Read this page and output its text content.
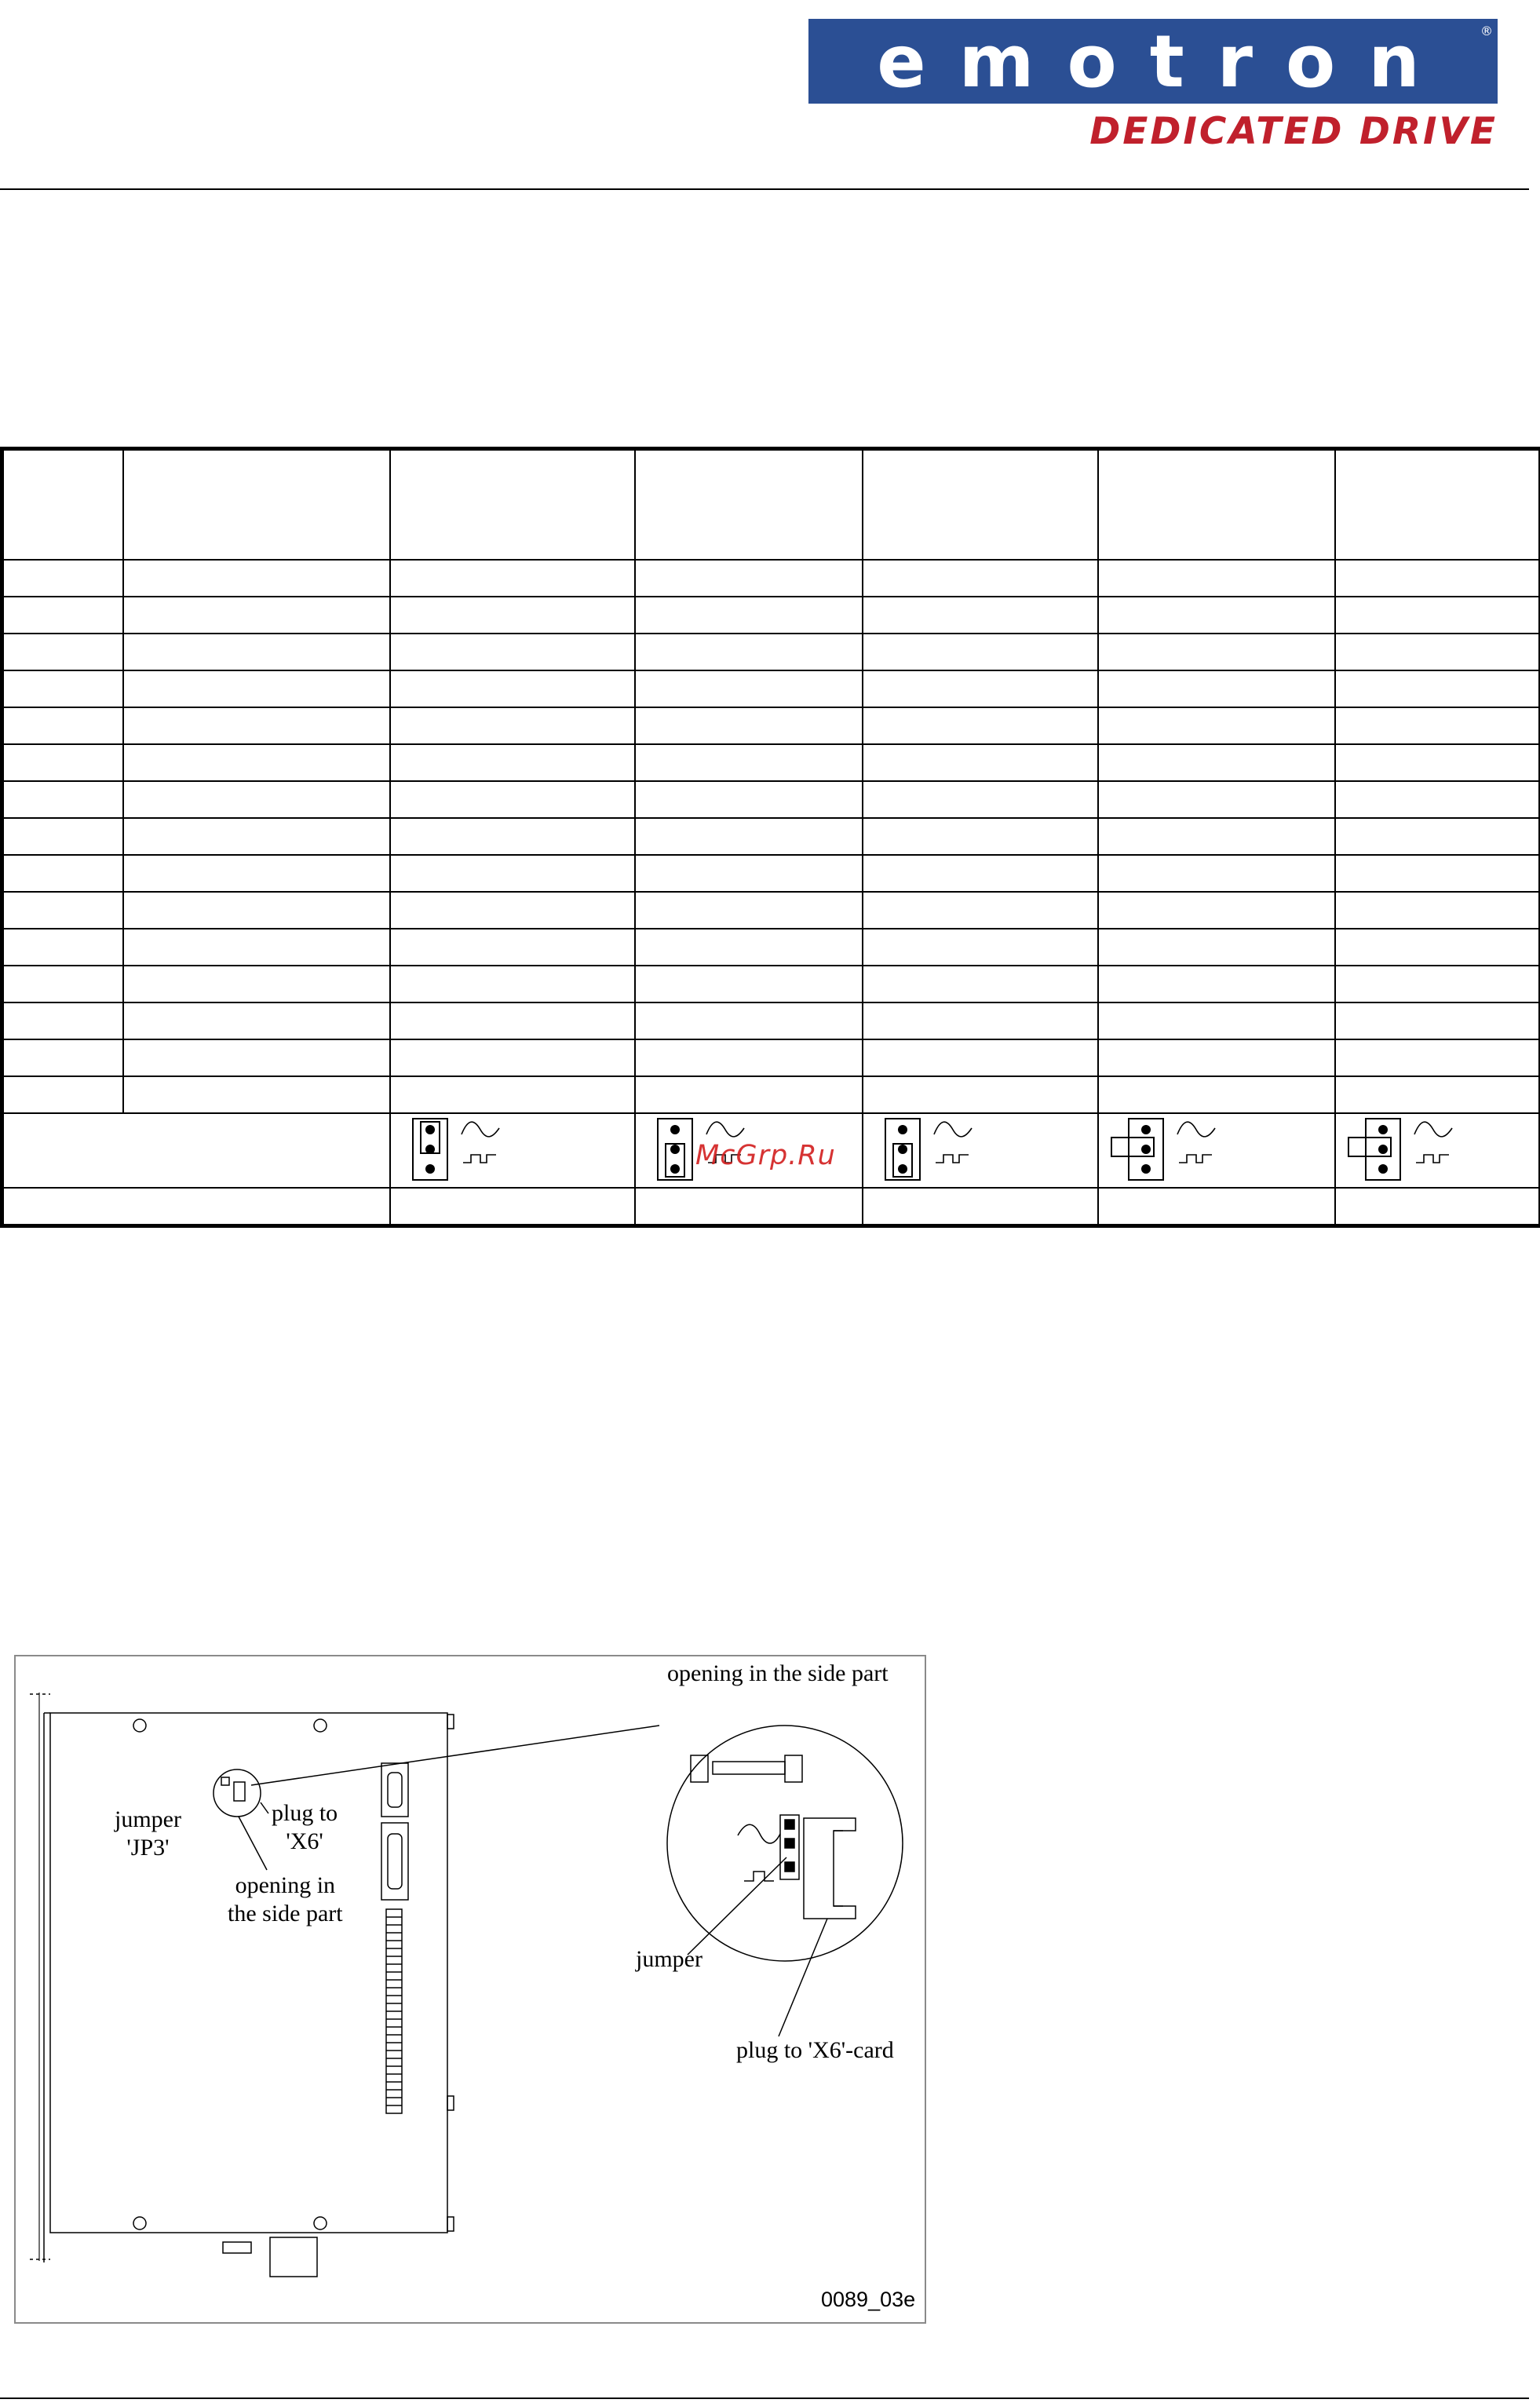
emotron	®
DEDICATED DRIVE

McGrp.Ru
opening in the side part
jumper
'JP3'
plug to
'X6'
opening in
the side part
jumper
plug to 'X6'-card
0089_03e
